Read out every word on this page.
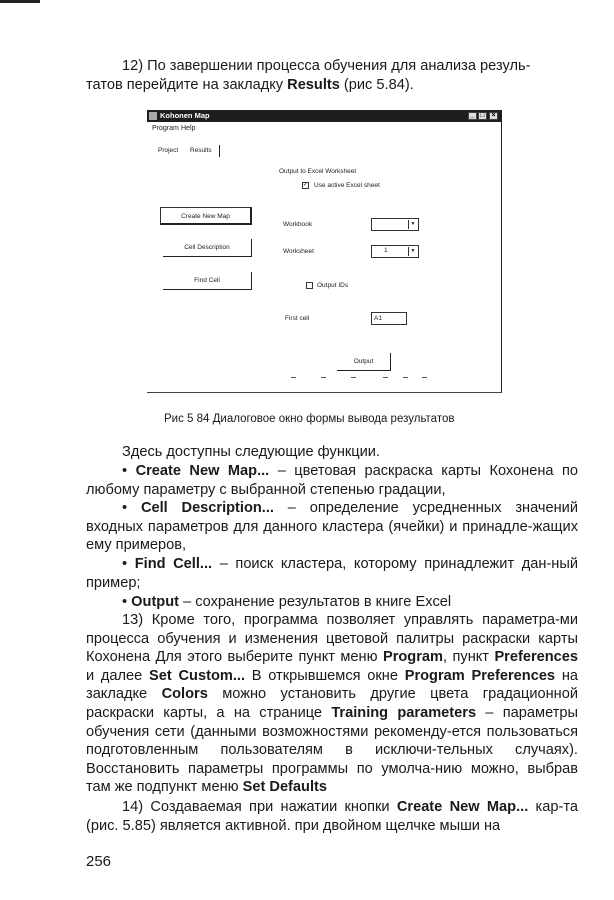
12) По завершении процесса обучения для анализа резуль-
татов перейдите на закладку Results (рис 5.84).
Kohonen Map	_ □ ×
Program Help
Project Results
Output to Excel Worksheet
✓ Use active Excel sheet
Create New Map
Cell Description
Find Cell
Workbook	▼
Worksheet	1	▼
Output IDs
First cell	A1
Output
Рис 5 84 Диалоговое окно формы вывода результатов
Здесь доступны следующие функции.
• Create New Map... – цветовая раскраска карты Кохонена по любому параметру с выбранной степенью градации,
• Cell Description... – определение усредненных значений входных параметров для данного кластера (ячейки) и принадле-жащих ему примеров,
• Find Cell... – поиск кластера, которому принадлежит дан-ный пример;
• Output – сохранение результатов в книге Excel
13) Кроме того, программа позволяет управлять параметра-ми процесса обучения и изменения цветовой палитры раскраски карты Кохонена Для этого выберите пункт меню Program, пункт Preferences и далее Set Custom... В открывшемся окне Program Preferences на закладке Colors можно установить другие цвета градационной раскраски карты, а на странице Training parameters – параметры обучения сети (данными возможностями рекоменду-ется пользоваться подготовленным пользователям в исключи-тельных случаях). Восстановить параметры программы по умолча-нию можно, выбрав там же подпункт меню Set Defaults
14) Создаваемая при нажатии кнопки Create New Map... кар-та (рис. 5.85) является активной. при двойном щелчке мыши на
256
